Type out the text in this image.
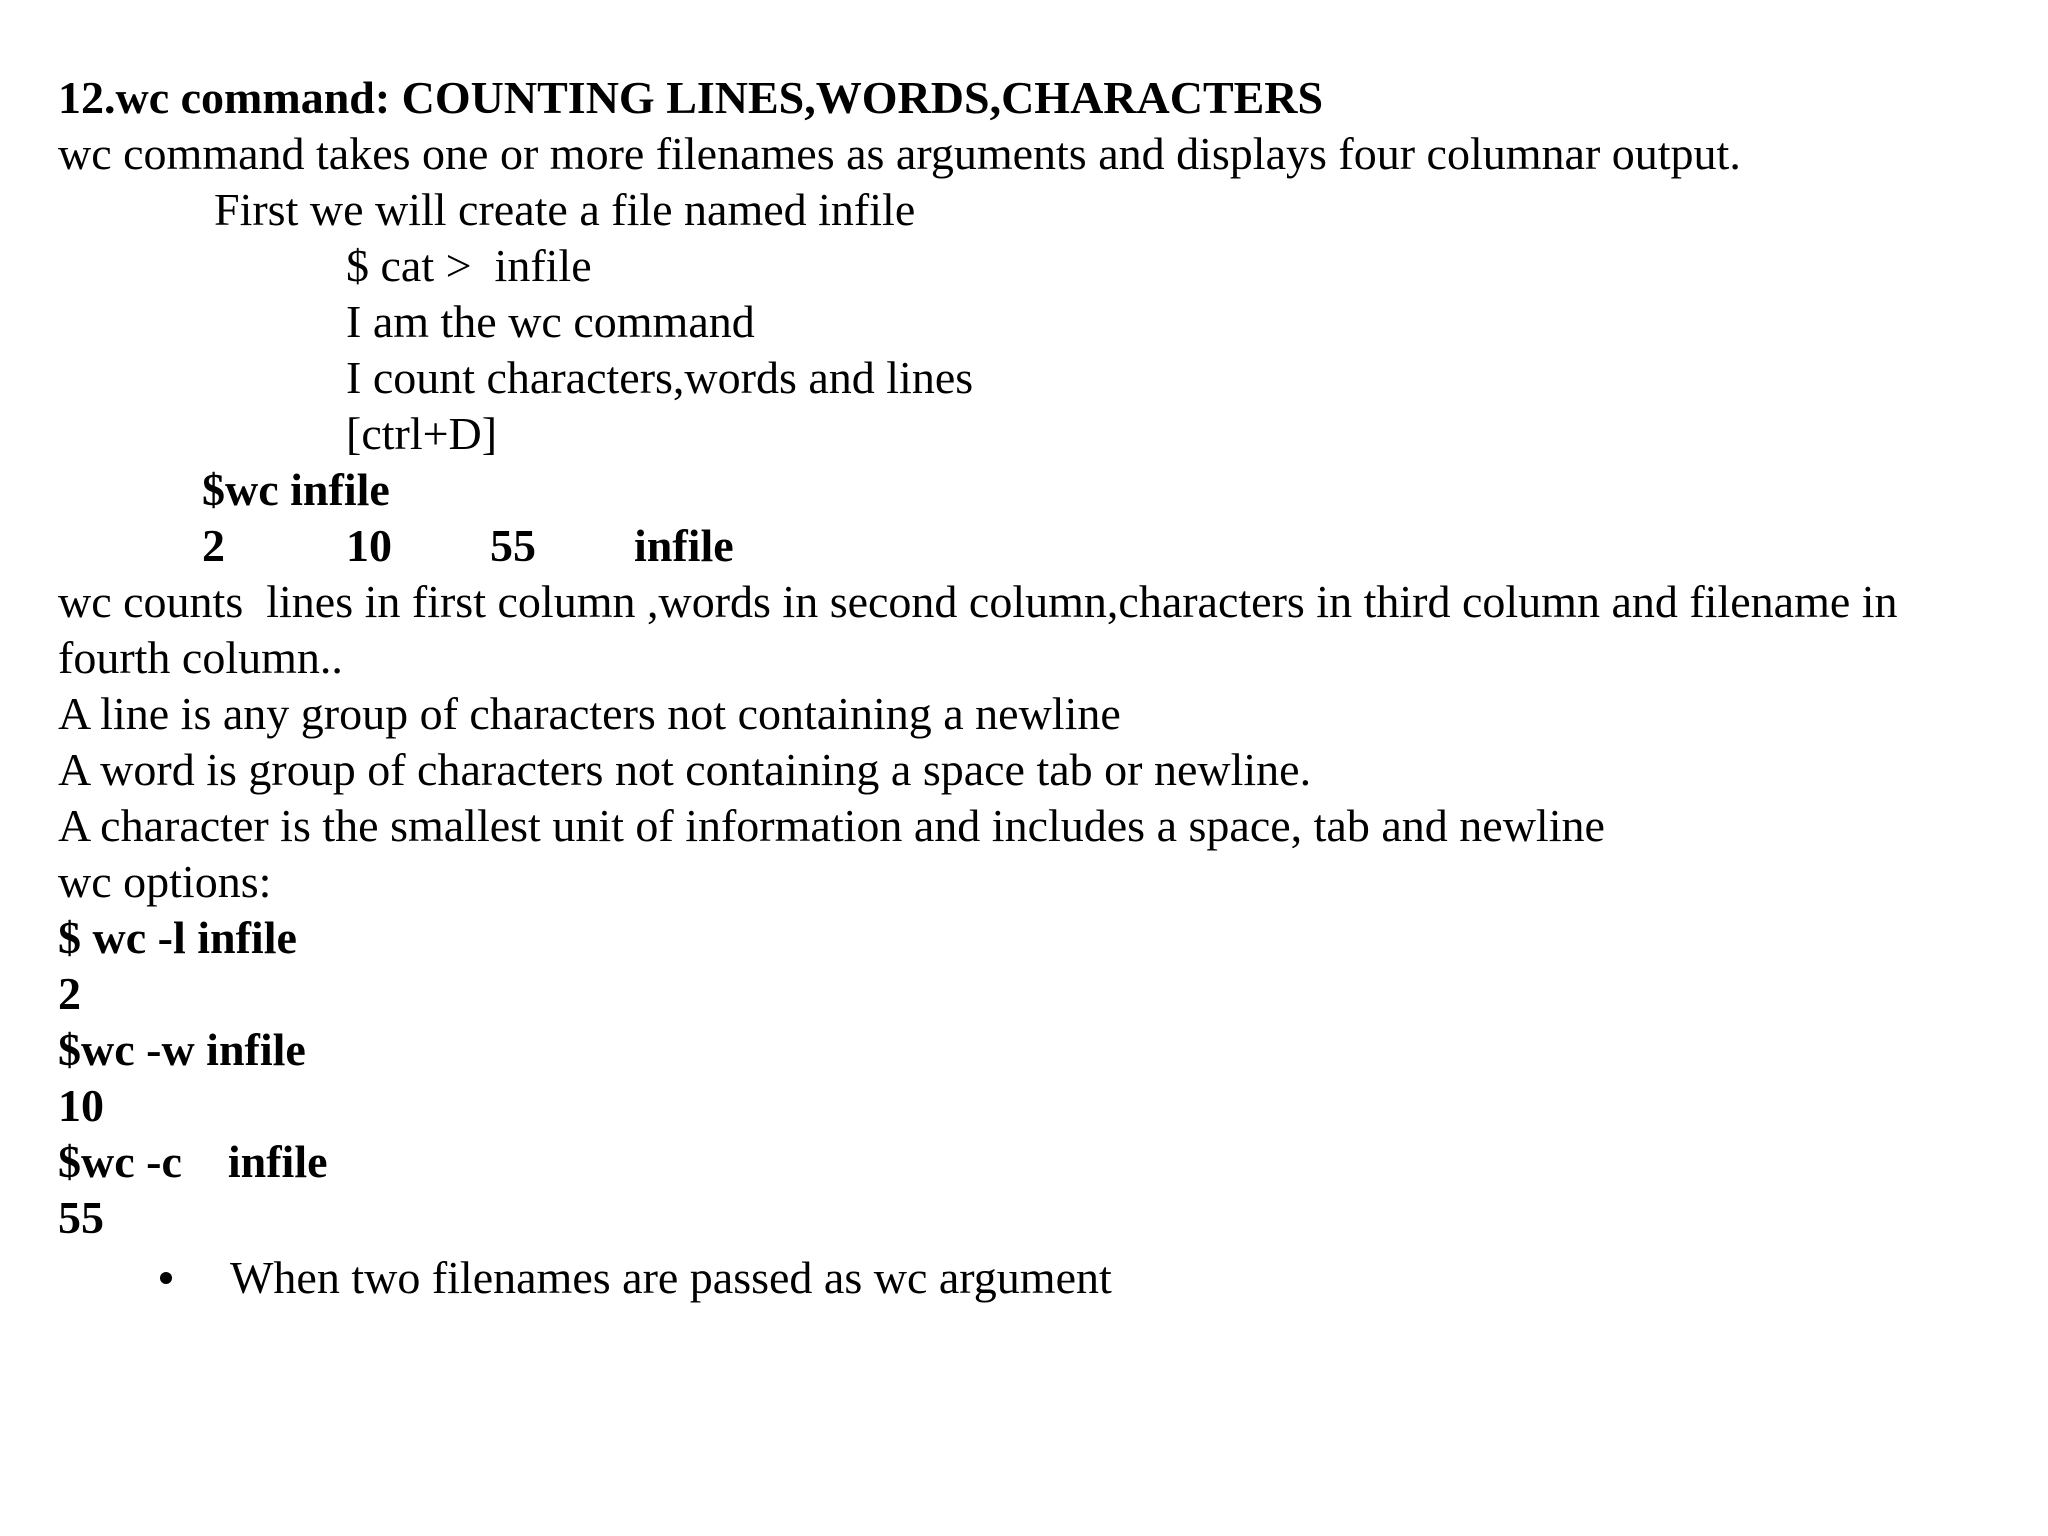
12.wc command: COUNTING LINES,WORDS,CHARACTERS
wc command takes one or more filenames as arguments and displays four columnar output.
First we will create a file named infile
$ cat >  infile
I am the wc command
I count characters,words and lines
[ctrl+D]
$wc infile

2

	10

55

infile

wc counts  lines in first column ,words in second column,characters in third column and filename in
fourth column..
A line is any group of characters not containing a newline
A word is group of characters not containing a space tab or newline.
A character is the smallest unit of information and includes a space, tab and newline
wc options:
$ wc -l infile
2
$wc -w infile
10
$wc -c    infile
55
When two filenames are passed as wc argument
